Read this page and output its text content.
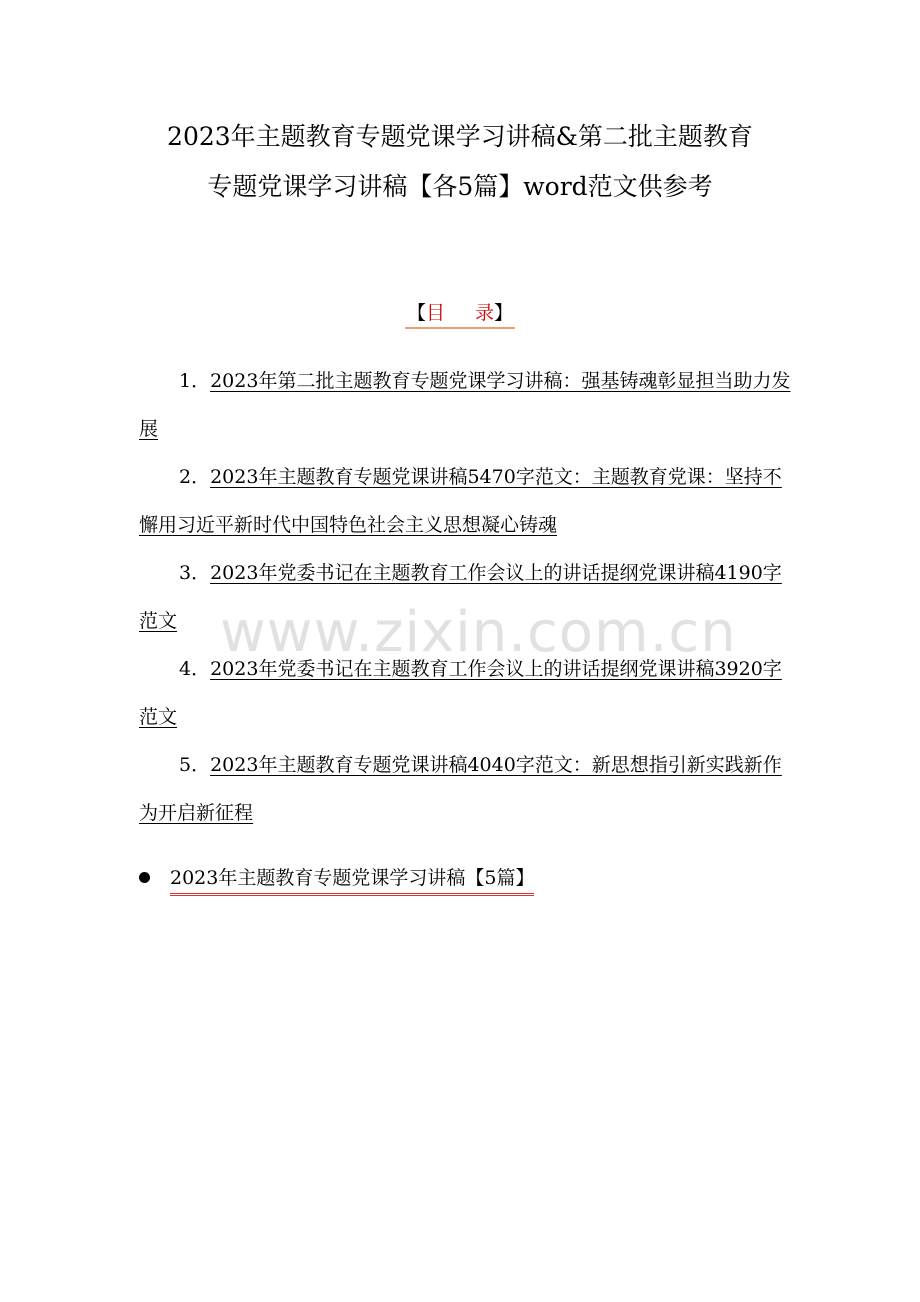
2023年主题教育专题党课学习讲稿&第二批主题教育
专题党课学习讲稿【各5篇】word范文供参考
【目 录】

1．2023年第二批主题教育专题党课学习讲稿：强基铸魂彰显担当助力发展

2．2023年主题教育专题党课讲稿5470字范文：主题教育党课：坚持不懈用习近平新时代中国特色社会主义思想凝心铸魂

3．2023年党委书记在主题教育工作会议上的讲话提纲党课讲稿4190字范文

4．2023年党委书记在主题教育工作会议上的讲话提纲党课讲稿3920字范文

5．2023年主题教育专题党课讲稿4040字范文：新思想指引新实践新作为开启新征程

2023年主题教育专题党课学习讲稿【5篇】
www.zixin.com.cn
